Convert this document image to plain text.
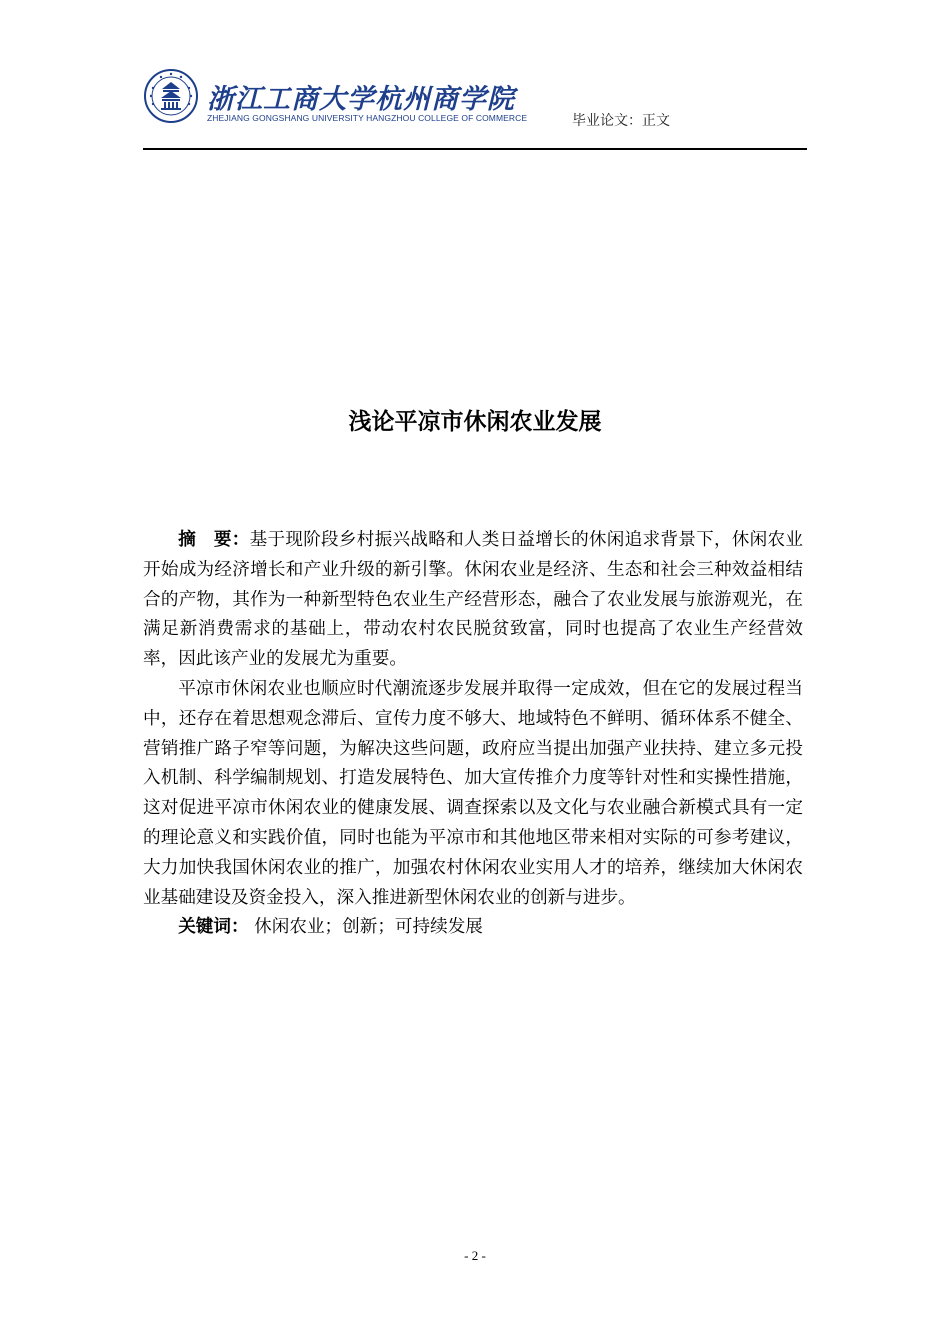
浙江工商大学杭州商学院
ZHEJIANG GONGSHANG UNIVERSITY HANGZHOU COLLEGE OF COMMERCE	毕业论文：正文
浅论平凉市休闲农业发展

摘　要：基于现阶段乡村振兴战略和人类日益增长的休闲追求背景下，休闲农业开始成为经济增长和产业升级的新引擎。休闲农业是经济、生态和社会三种效益相结合的产物，其作为一种新型特色农业生产经营形态，融合了农业发展与旅游观光，在满足新消费需求的基础上，带动农村农民脱贫致富，同时也提高了农业生产经营效率，因此该产业的发展尤为重要。

平凉市休闲农业也顺应时代潮流逐步发展并取得一定成效，但在它的发展过程当中，还存在着思想观念滞后、宣传力度不够大、地域特色不鲜明、循环体系不健全、营销推广路子窄等问题，为解决这些问题，政府应当提出加强产业扶持、建立多元投入机制、科学编制规划、打造发展特色、加大宣传推介力度等针对性和实操性措施，这对促进平凉市休闲农业的健康发展、调查探索以及文化与农业融合新模式具有一定的理论意义和实践价值，同时也能为平凉市和其他地区带来相对实际的可参考建议，大力加快我国休闲农业的推广，加强农村休闲农业实用人才的培养，继续加大休闲农业基础建设及资金投入，深入推进新型休闲农业的创新与进步。

关键词： 休闲农业；创新；可持续发展

- 2 -
